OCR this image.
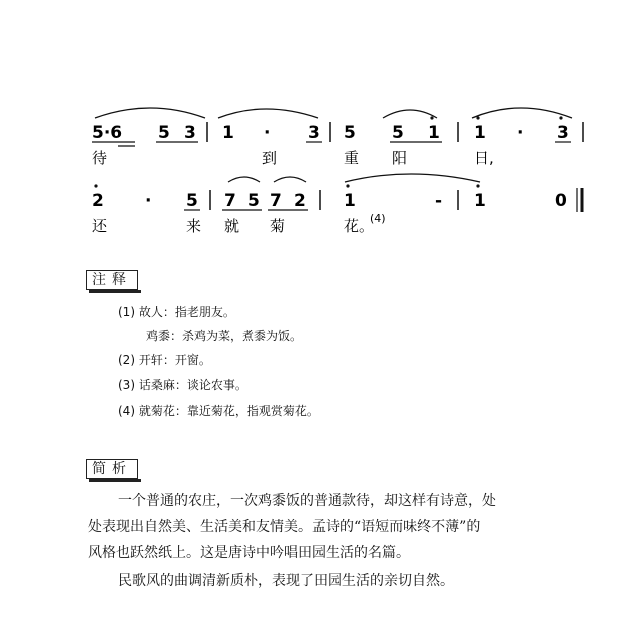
5·6 5 3 1 · 3 5 5 1 1 · 3
待	到	重 阳	日,
2 · 5 7 5 7 2 1	- 1	0
还	来 就 菊	花。
(4)
注释
(1) 故人：指老朋友。
鸡黍：杀鸡为菜，煮黍为饭。
(2) 开轩：开窗。
(3) 话桑麻：谈论农事。
(4) 就菊花：靠近菊花，指观赏菊花。
简析
一个普通的农庄，一次鸡黍饭的普通款待，却这样有诗意，处
处表现出自然美、生活美和友情美。孟诗的“语短而味终不薄”的
风格也跃然纸上。这是唐诗中吟唱田园生活的名篇。
民歌风的曲调清新质朴，表现了田园生活的亲切自然。
